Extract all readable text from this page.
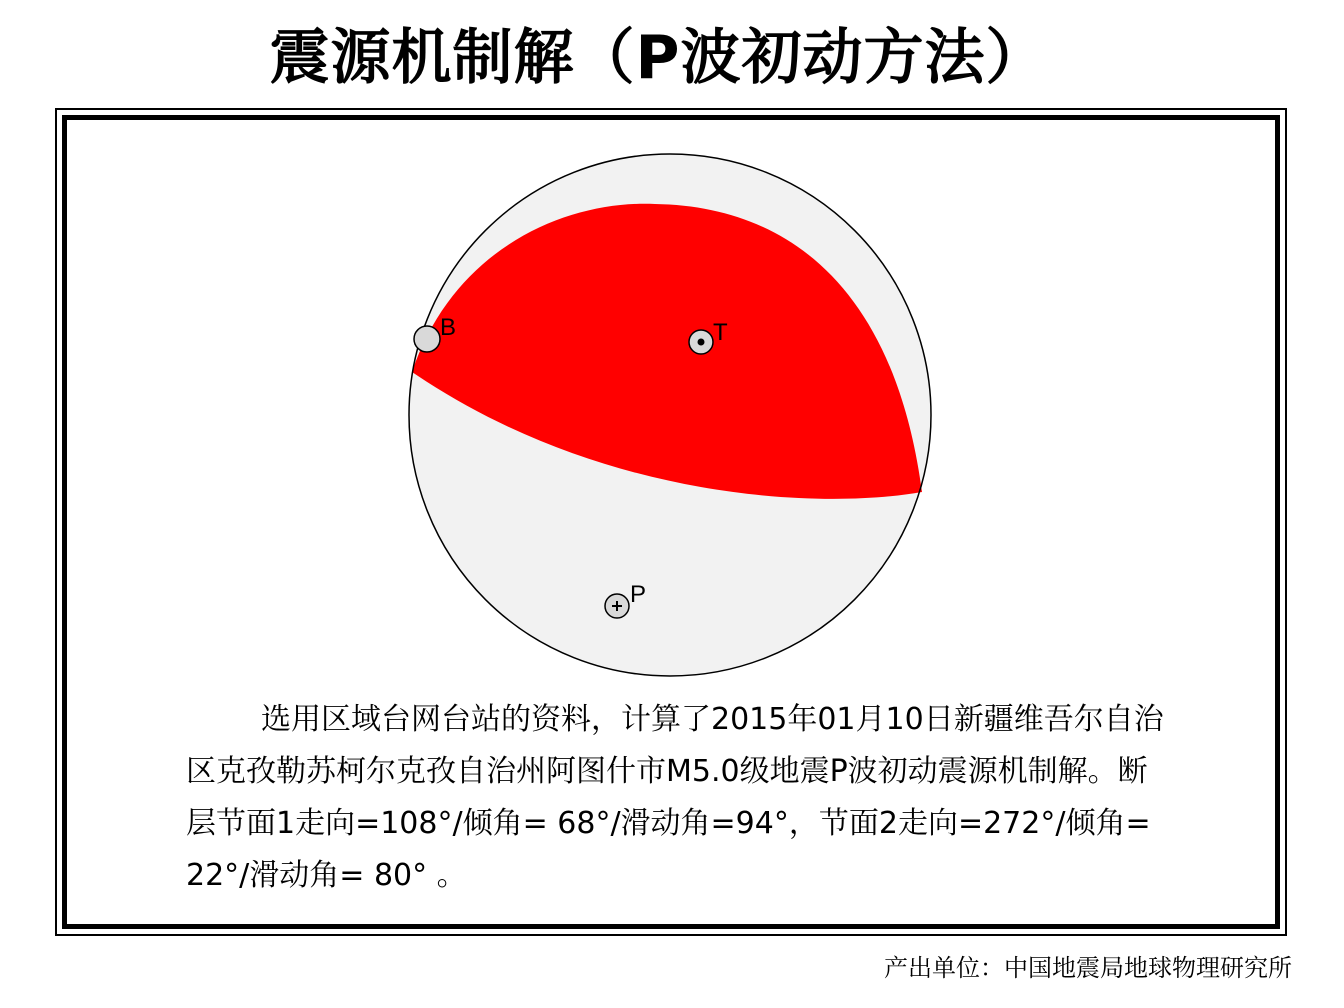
震源机制解（P波初动方法）
B	T
P

选用区域台网台站的资料，计算了2015年01月10日新疆维吾尔自治区克孜勒苏柯尔克孜自治州阿图什市M5.0级地震P波初动震源机制解。断层节面1走向=108°/倾角= 68°/滑动角=94°，节面2走向=272°/倾角= 22°/滑动角= 80° 。

产出单位：中国地震局地球物理研究所
